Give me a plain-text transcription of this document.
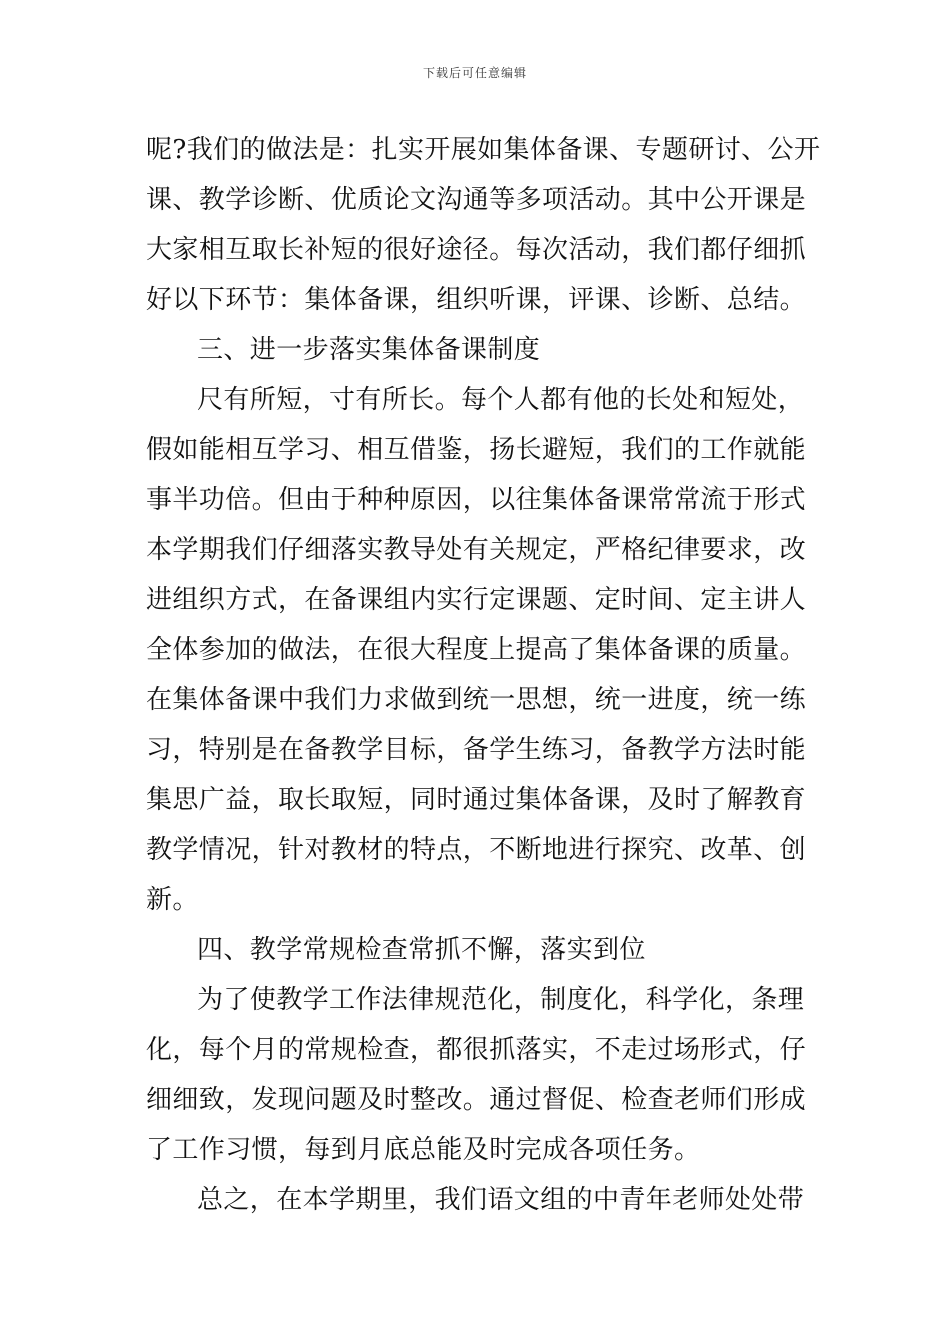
下载后可任意编辑
呢?我们的做法是：扎实开展如集体备课、专题研讨、公开
课、教学诊断、优质论文沟通等多项活动。其中公开课是
大家相互取长补短的很好途径。每次活动，我们都仔细抓
好以下环节：集体备课，组织听课，评课、诊断、总结。
三、进一步落实集体备课制度
尺有所短，寸有所长。每个人都有他的长处和短处，
假如能相互学习、相互借鉴，扬长避短，我们的工作就能
事半功倍。但由于种种原因，以往集体备课常常流于形式
本学期我们仔细落实教导处有关规定，严格纪律要求，改
进组织方式，在备课组内实行定课题、定时间、定主讲人
全体参加的做法，在很大程度上提高了集体备课的质量。
在集体备课中我们力求做到统一思想，统一进度，统一练
习，特别是在备教学目标，备学生练习，备教学方法时能
集思广益，取长取短，同时通过集体备课，及时了解教育
教学情况，针对教材的特点，不断地进行探究、改革、创
新。
四、教学常规检查常抓不懈，落实到位
为了使教学工作法律规范化，制度化，科学化，条理
化，每个月的常规检查，都很抓落实，不走过场形式，仔
细细致，发现问题及时整改。通过督促、检查老师们形成
了工作习惯，每到月底总能及时完成各项任务。
总之，在本学期里，我们语文组的中青年老师处处带
